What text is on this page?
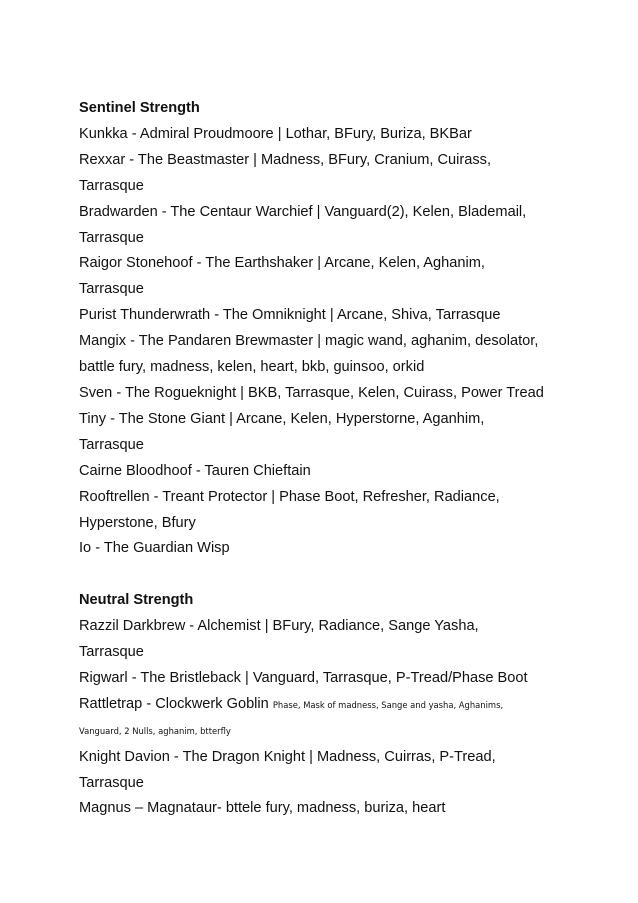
Sentinel Strength
Kunkka - Admiral Proudmoore | Lothar, BFury, Buriza, BKBar
Rexxar - The Beastmaster | Madness, BFury, Cranium, Cuirass,
Tarrasque
Bradwarden - The Centaur Warchief | Vanguard(2), Kelen, Blademail,
Tarrasque
Raigor Stonehoof - The Earthshaker | Arcane, Kelen, Aghanim,
Tarrasque
Purist Thunderwrath - The Omniknight | Arcane, Shiva, Tarrasque
Mangix - The Pandaren Brewmaster | magic wand, aghanim, desolator,
battle fury, madness, kelen, heart, bkb, guinsoo, orkid
Sven - The Rogueknight | BKB, Tarrasque, Kelen, Cuirass, Power Tread
Tiny - The Stone Giant | Arcane, Kelen, Hyperstorne, Aganhim,
Tarrasque
Cairne Bloodhoof - Tauren Chieftain
Rooftrellen - Treant Protector | Phase Boot, Refresher, Radiance,
Hyperstone, Bfury
Io - The Guardian Wisp
Neutral Strength
Razzil Darkbrew - Alchemist | BFury, Radiance, Sange Yasha,
Tarrasque
Rigwarl - The Bristleback | Vanguard, Tarrasque, P-Tread/Phase Boot
Rattletrap - Clockwerk Goblin Phase, Mask of madness, Sange and yasha, Aghanims,
Vanguard, 2 Nulls, aghanim, btterfly
Knight Davion - The Dragon Knight | Madness, Cuirras, P-Tread,
Tarrasque
Magnus – Magnataur- bttele fury, madness, buriza, heart
